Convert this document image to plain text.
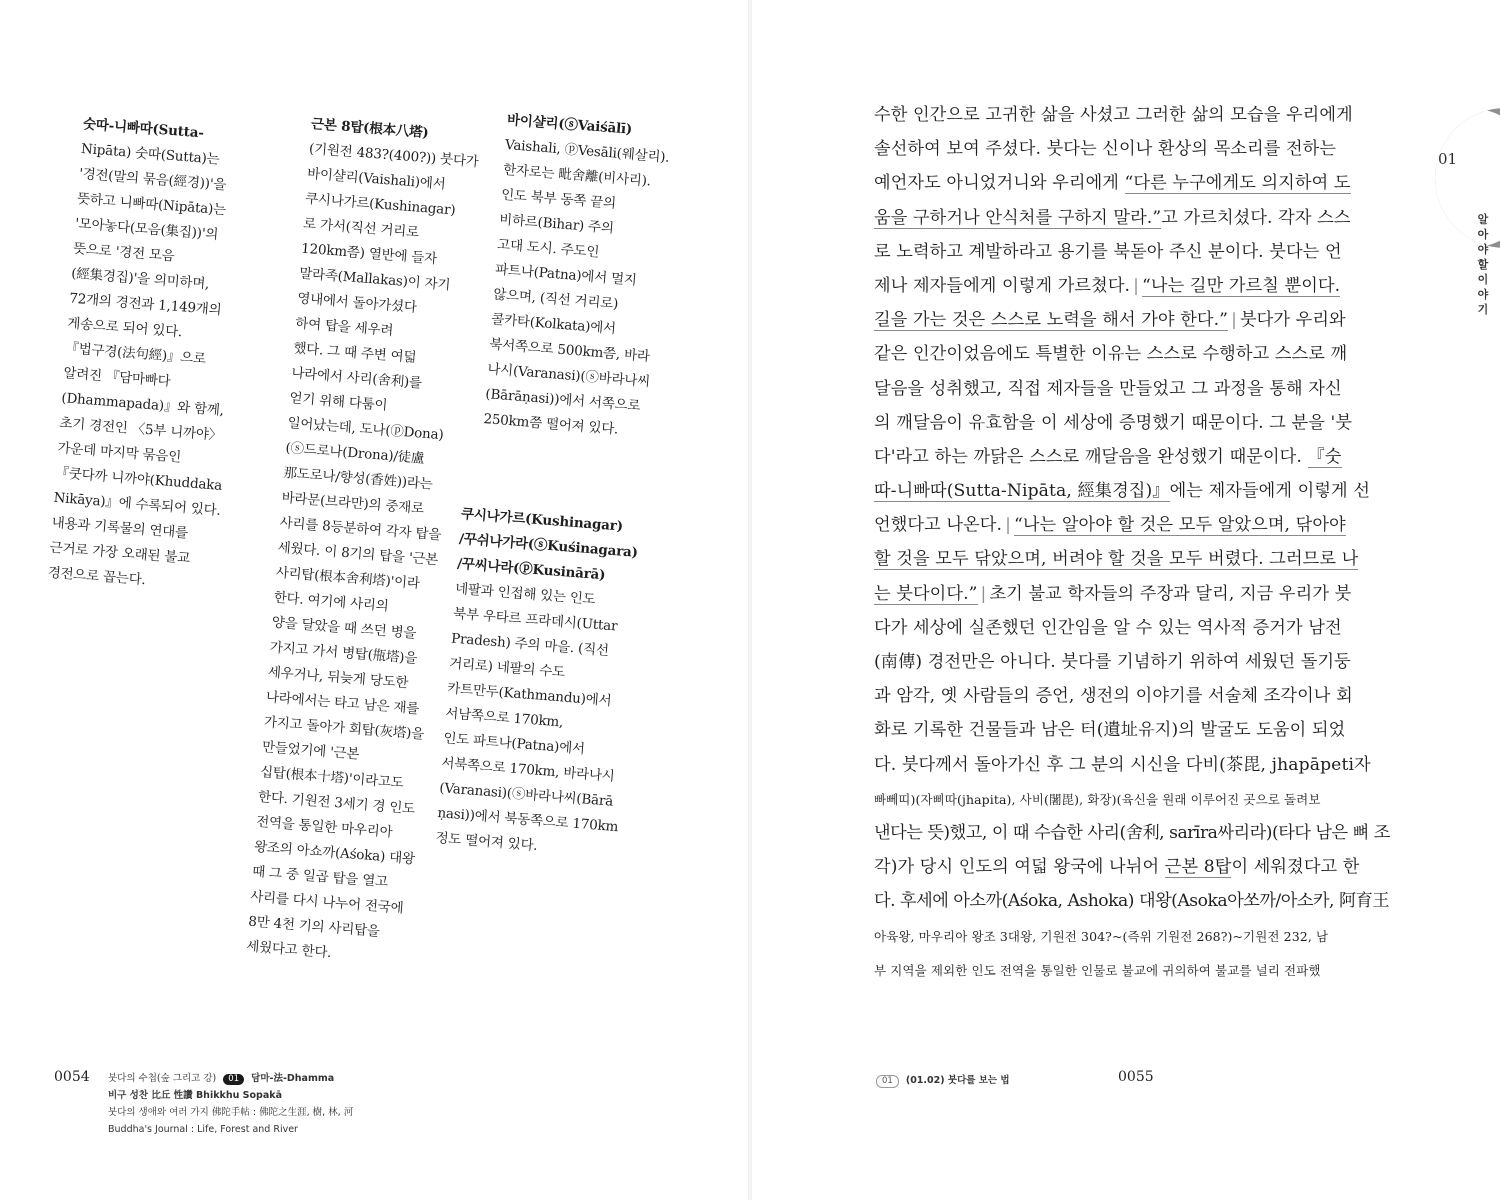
숫따-니빠따(Sutta-
Nipāta) 숫따(Sutta)는
'경전(말의 묶음(經경))'을
뜻하고 니빠따(Nipāta)는
'모아놓다(모음(集집))'의
뜻으로 '경전 모음
(經集경집)'을 의미하며,
72개의 경전과 1,149개의
게송으로 되어 있다.
『법구경(法句經)』으로
알려진 『담마빠다
(Dhammapada)』와 함께,
초기 경전인 〈5부 니까야〉
가운데 마지막 묶음인
『쿳다까 니까야(Khuddaka
Nikāya)』에 수록되어 있다.
내용과 기록물의 연대를
근거로 가장 오래된 불교
경전으로 꼽는다.
근본 8탑(根本八塔)
(기원전 483?(400?)) 붓다가
바이샬리(Vaishali)에서
쿠시나가르(Kushinagar)
로 가서(직선 거리로
120km쯤) 열반에 들자
말라족(Mallakas)이 자기
영내에서 돌아가셨다
하여 탑을 세우려
했다. 그 때 주변 여덟
나라에서 사리(舍利)를
얻기 위해 다툼이
일어났는데, 도나(ⓟDona)
(ⓢ드로나(Drona)/徒盧
那도로나/향성(香姓))라는
바라문(브라만)의 중재로
사리를 8등분하여 각자 탑을
세웠다. 이 8기의 탑을 '근본
사리탑(根本舍利塔)'이라
한다. 여기에 사리의
양을 달았을 때 쓰던 병을
가지고 가서 병탑(甁塔)을
세우거나, 뒤늦게 당도한
나라에서는 타고 남은 재를
가지고 돌아가 회탑(灰塔)을
만들었기에 '근본
십탑(根本十塔)'이라고도
한다. 기원전 3세기 경 인도
전역을 통일한 마우리아
왕조의 아쇼까(Aśoka) 대왕
때 그 중 일곱 탑을 열고
사리를 다시 나누어 전국에
8만 4천 기의 사리탑을
세웠다고 한다.
바이샬리(ⓢVaiśālī)
Vaishali, ⓟVesāli(웨살리).
한자로는 毗舍離(비사리).
인도 북부 동쪽 끝의
비하르(Bihar) 주의
고대 도시. 주도인
파트나(Patna)에서 멀지
않으며, (직선 거리로)
콜카타(Kolkata)에서
북서쪽으로 500km쯤, 바라
나시(Varanasi)(ⓢ바라나씨
(Bārāṇasi))에서 서쪽으로
250km쯤 떨어져 있다.
쿠시나가르(Kushinagar)
/꾸쉬나가라(ⓢKuśinagara)
/꾸씨나라(ⓟKusinārā)
네팔과 인접해 있는 인도
북부 우타르 프라데시(Uttar
Pradesh) 주의 마을. (직선
거리로) 네팔의 수도
카트만두(Kathmandu)에서
서남쪽으로 170km,
인도 파트나(Patna)에서
서북쪽으로 170km, 바라나시
(Varanasi)(ⓢ바라나씨(Bārā
ṇasi))에서 북동쪽으로 170km
정도 떨어져 있다.
0054 붓다의 수첩(숲 그리고 강) 01 담마-法-Dhamma
비구 성찬 比丘 性讚 Bhikkhu Sopakā
붓다의 생애와 여러 가지 佛陀手帖 : 佛陀之生涯, 樹, 林, 河
Buddha's Journal : Life, Forest and River
수한 인간으로 고귀한 삶을 사셨고 그러한 삶의 모습을 우리에게
솔선하여 보여 주셨다. 붓다는 신이나 환상의 목소리를 전하는
예언자도 아니었거니와 우리에게 “다른 누구에게도 의지하여 도
움을 구하거나 안식처를 구하지 말라.”고 가르치셨다. 각자 스스
로 노력하고 계발하라고 용기를 북돋아 주신 분이다. 붓다는 언
제나 제자들에게 이렇게 가르쳤다. | “나는 길만 가르칠 뿐이다.
길을 가는 것은 스스로 노력을 해서 가야 한다.” | 붓다가 우리와
같은 인간이었음에도 특별한 이유는 스스로 수행하고 스스로 깨
달음을 성취했고, 직접 제자들을 만들었고 그 과정을 통해 자신
의 깨달음이 유효함을 이 세상에 증명했기 때문이다. 그 분을 '붓
다'라고 하는 까닭은 스스로 깨달음을 완성했기 때문이다. 『숫
따-니빠따(Sutta-Nipāta, 經集경집)』에는 제자들에게 이렇게 선
언했다고 나온다. | “나는 알아야 할 것은 모두 알았으며, 닦아야
할 것을 모두 닦았으며, 버려야 할 것을 모두 버렸다. 그러므로 나
는 붓다이다.” | 초기 불교 학자들의 주장과 달리, 지금 우리가 붓
다가 세상에 실존했던 인간임을 알 수 있는 역사적 증거가 남전
(南傳) 경전만은 아니다. 붓다를 기념하기 위하여 세웠던 돌기둥
과 암각, 옛 사람들의 증언, 생전의 이야기를 서술체 조각이나 회
화로 기록한 건물들과 남은 터(遺址유지)의 발굴도 도움이 되었
다. 붓다께서 돌아가신 후 그 분의 시신을 다비(茶毘, jhapāpeti자
빠뻬띠)(자삐따(jhapita), 사비(闍毘), 화장)(육신을 원래 이루어진 곳으로 돌려보
낸다는 뜻)했고, 이 때 수습한 사리(舍利, sarīra싸리라)(타다 남은 뼈 조
각)가 당시 인도의 여덟 왕국에 나뉘어 근본 8탑이 세워졌다고 한
다. 후세에 아소까(Aśoka, Ashoka) 대왕(Asoka아쏘까/아소카, 阿育王
아육왕, 마우리아 왕조 3대왕, 기원전 304?~(즉위 기원전 268?)~기원전 232, 남
부 지역을 제외한 인도 전역을 통일한 인물로 불교에 귀의하여 불교를 널리 전파했
01
알아야 할 이야기
01 (01.02) 붓다를 보는 법	0055
